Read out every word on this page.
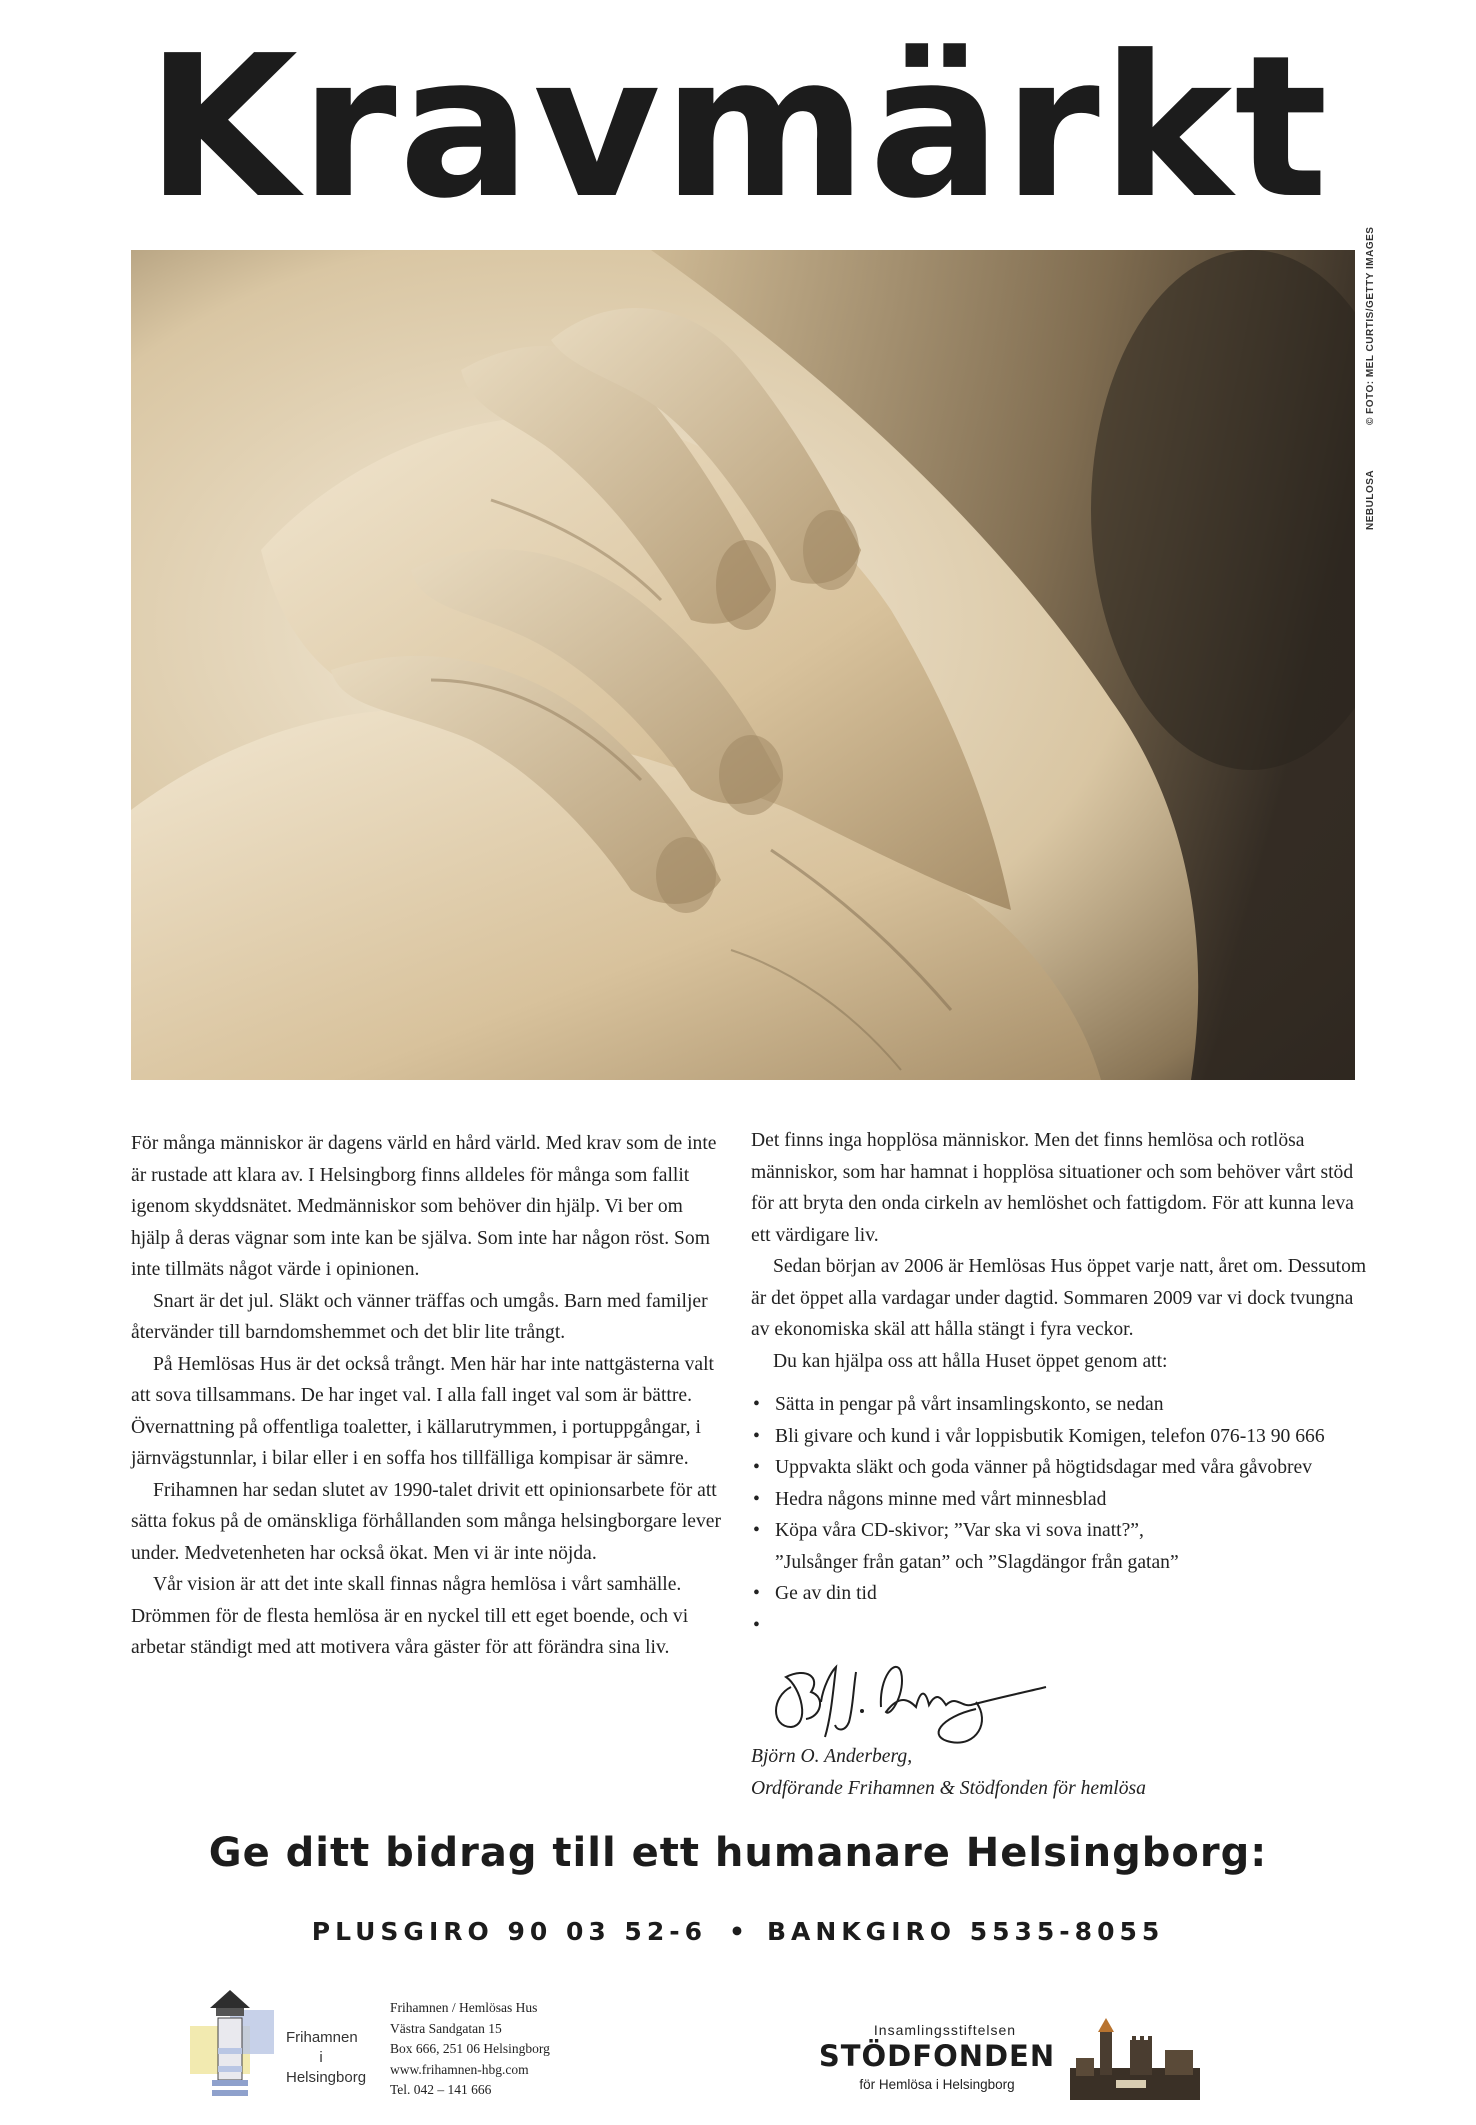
Kravmärkt
© FOTO: MEL CURTIS/GETTY IMAGES
NEBULOSA

För många människor är dagens värld en hård värld. Med krav som de inte är rustade att klara av. I Helsingborg finns alldeles för många som fallit igenom skyddsnätet. Medmänniskor som behöver din hjälp. Vi ber om hjälp å deras vägnar som inte kan be själva. Som inte har någon röst. Som inte tillmäts något värde i opinionen.

Snart är det jul. Släkt och vänner träffas och umgås. Barn med familjer återvänder till barndomshemmet och det blir lite trångt.

På Hemlösas Hus är det också trångt. Men här har inte nattgästerna valt att sova tillsammans. De har inget val. I alla fall inget val som är bättre. Övernattning på offentliga toaletter, i källarutrymmen, i portuppgångar, i järnvägstunnlar, i bilar eller i en soffa hos tillfälliga kompisar är sämre.

Frihamnen har sedan slutet av 1990-talet drivit ett opinionsarbete för att sätta fokus på de omänskliga förhållanden som många helsingborgare lever under. Medvetenheten har också ökat. Men vi är inte nöjda.

Vår vision är att det inte skall finnas några hemlösa i vårt samhälle. Drömmen för de flesta hemlösa är en nyckel till ett eget boende, och vi arbetar ständigt med att motivera våra gäster för att förändra sina liv.

Det finns inga hopplösa människor. Men det finns hemlösa och rotlösa människor, som har hamnat i hopplösa situationer och som behöver vårt stöd för att bryta den onda cirkeln av hemlöshet och fattigdom. För att kunna leva ett värdigare liv.

Sedan början av 2006 är Hemlösas Hus öppet varje natt, året om. Dessutom är det öppet alla vardagar under dagtid. Sommaren 2009 var vi dock tvungna av ekonomiska skäl att hålla stängt i fyra veckor.

Du kan hjälpa oss att hålla Huset öppet genom att:

• Sätta in pengar på vårt insamlingskonto, se nedan
• Bli givare och kund i vår loppisbutik Komigen, telefon 076-13 90 666
• Uppvakta släkt och goda vänner på högtidsdagar med våra gåvobrev
• Hedra någons minne med vårt minnesblad
• Köpa våra CD-skivor; ”Var ska vi sova inatt?”,
”Julsånger från gatan” och ”Slagdängor från gatan”
• Ge av din tid
•
Björn O. Anderberg,
Ordförande Frihamnen & Stödfonden för hemlösa
Ge ditt bidrag till ett humanare Helsingborg:
PLUSGIRO 90 03 52-6 • BANKGIRO 5535-8055
Frihamnen
i
Helsingborg
Frihamnen / Hemlösas Hus
Västra Sandgatan 15
Box 666, 251 06 Helsingborg
www.frihamnen-hbg.com
Tel. 042 – 141 666
Insamlingsstiftelsen
STÖDFONDEN
för Hemlösa i Helsingborg
